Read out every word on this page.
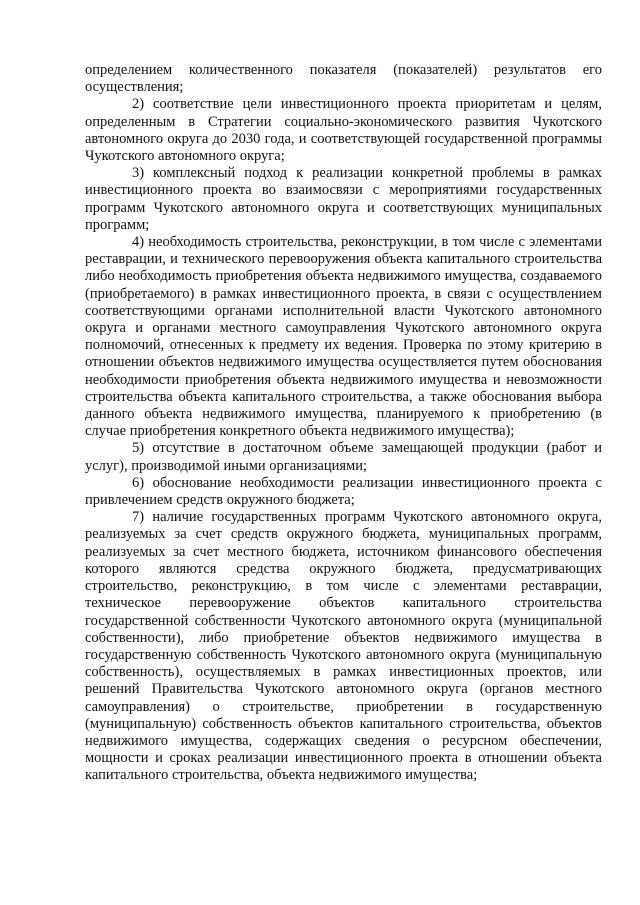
определением количественного показателя (показателей) результатов его осуществления;

2) соответствие цели инвестиционного проекта приоритетам и целям, определенным в Стратегии социально-экономического развития Чукотского автономного округа до 2030 года, и соответствующей государственной программы Чукотского автономного округа;

3) комплексный подход к реализации конкретной проблемы в рамках инвестиционного проекта во взаимосвязи с мероприятиями государственных программ Чукотского автономного округа и соответствующих муниципальных программ;

4) необходимость строительства, реконструкции, в том числе с элементами реставрации, и технического перевооружения объекта капитального строительства либо необходимость приобретения объекта недвижимого имущества, создаваемого (приобретаемого) в рамках инвестиционного проекта, в связи с осуществлением соответствующими органами исполнительной власти Чукотского автономного округа и органами местного самоуправления Чукотского автономного округа полномочий, отнесенных к предмету их ведения. Проверка по этому критерию в отношении объектов недвижимого имущества осуществляется путем обоснования необходимости приобретения объекта недвижимого имущества и невозможности строительства объекта капитального строительства, а также обоснования выбора данного объекта недвижимого имущества, планируемого к приобретению (в случае приобретения конкретного объекта недвижимого имущества);

5) отсутствие в достаточном объеме замещающей продукции (работ и услуг), производимой иными организациями;

6) обоснование необходимости реализации инвестиционного проекта с привлечением средств окружного бюджета;

7) наличие государственных программ Чукотского автономного округа, реализуемых за счет средств окружного бюджета, муниципальных программ, реализуемых за счет местного бюджета, источником финансового обеспечения которого являются средства окружного бюджета, предусматривающих строительство, реконструкцию, в том числе с элементами реставрации, техническое перевооружение объектов капитального строительства государственной собственности Чукотского автономного округа (муниципальной собственности), либо приобретение объектов недвижимого имущества в государственную собственность Чукотского автономного округа (муниципальную собственность), осуществляемых в рамках инвестиционных проектов, или решений Правительства Чукотского автономного округа (органов местного самоуправления) о строительстве, приобретении в государственную (муниципальную) собственность объектов капитального строительства, объектов недвижимого имущества, содержащих сведения о ресурсном обеспечении, мощности и сроках реализации инвестиционного проекта в отношении объекта капитального строительства, объекта недвижимого имущества;
